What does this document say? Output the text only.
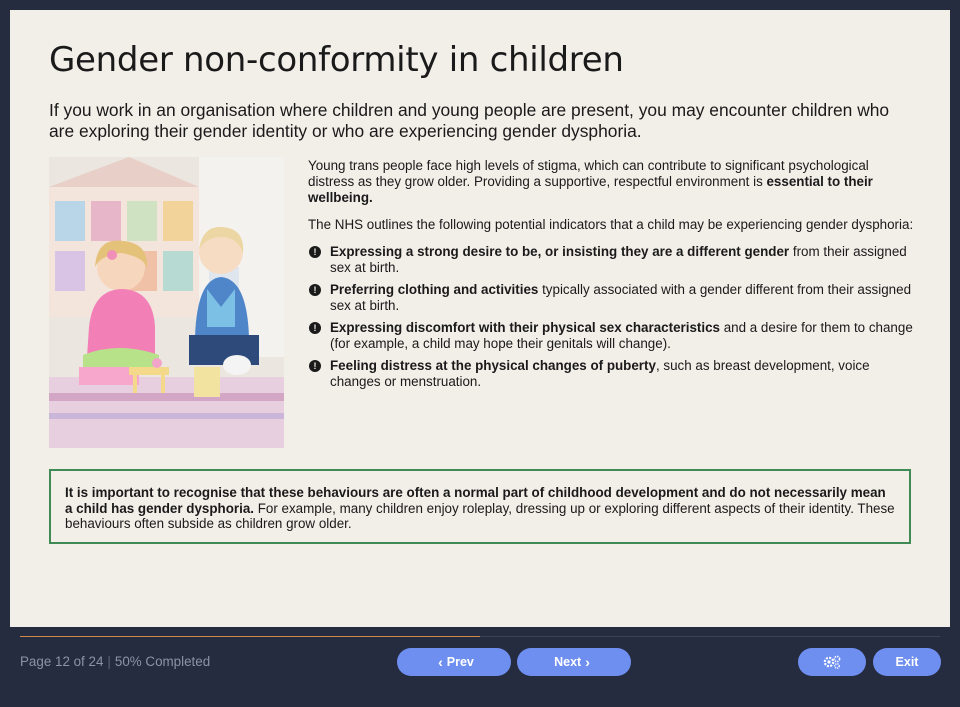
Gender non-conformity in children

If you work in an organisation where children and young people are present, you may encounter children who are exploring their gender identity or who are experiencing gender dysphoria.

Young trans people face high levels of stigma, which can contribute to significant psychological distress as they grow older. Providing a supportive, respectful environment is essential to their wellbeing.

The NHS outlines the following potential indicators that a child may be experiencing gender dysphoria:

!	Expressing a strong desire to be, or insisting they are a different gender from their assigned sex at birth.
!	Preferring clothing and activities typically associated with a gender different from their assigned sex at birth.
!	Expressing discomfort with their physical sex characteristics and a desire for them to change (for example, a child may hope their genitals will change).
!	Feeling distress at the physical changes of puberty, such as breast development, voice changes or menstruation.
It is important to recognise that these behaviours are often a normal part of childhood development and do not necessarily mean a child has gender dysphoria. For example, many children enjoy roleplay, dressing up or exploring different aspects of their identity. These behaviours often subside as children grow older.
Page 12 of 24 | 50% Completed	‹ Prev	Next ›	Exit
